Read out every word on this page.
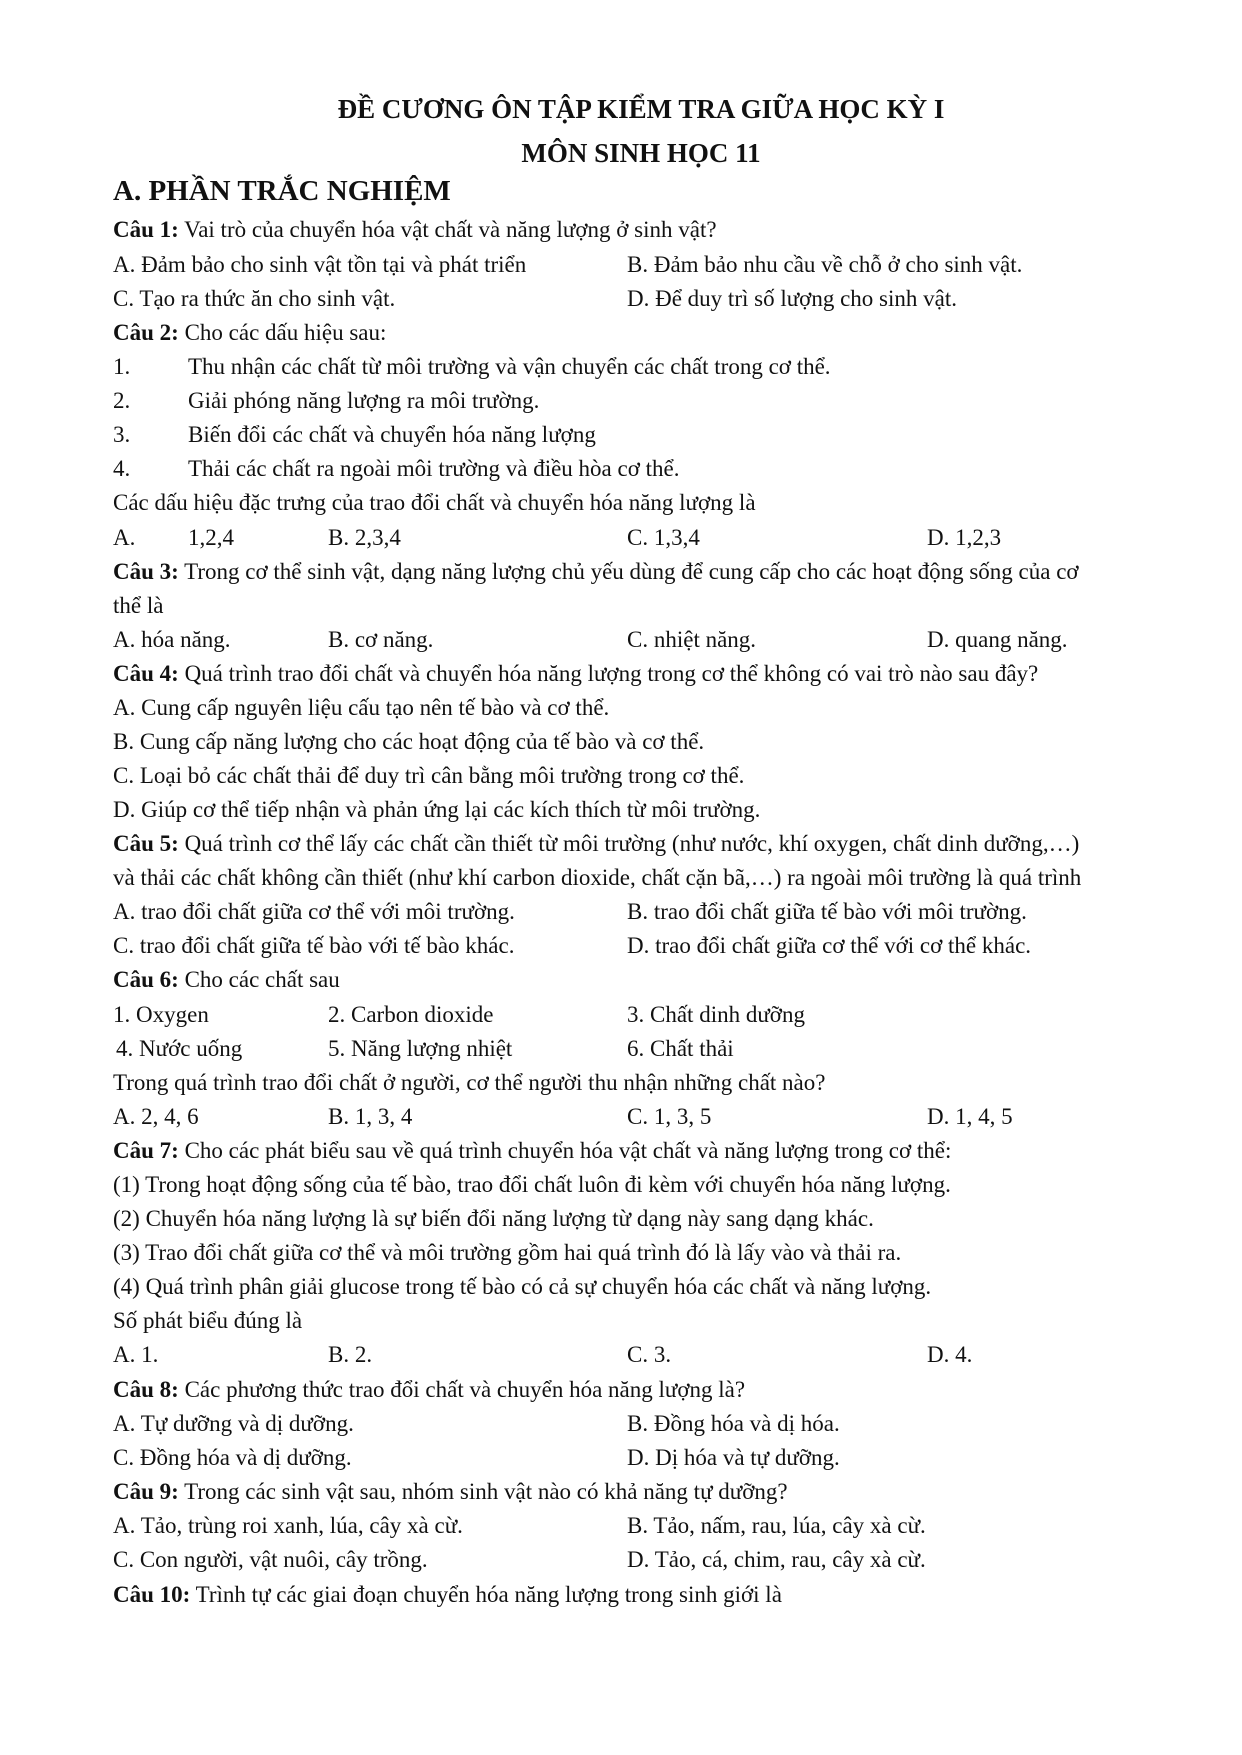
ĐỀ CƯƠNG ÔN TẬP KIỂM TRA GIỮA HỌC KỲ I
MÔN SINH HỌC 11
A. PHẦN TRẮC NGHIỆM
Câu 1: Vai trò của chuyển hóa vật chất và năng lượng ở sinh vật?
A. Đảm bảo cho sinh vật tồn tại và phát triển	B. Đảm bảo nhu cầu về chỗ ở cho sinh vật.
C. Tạo ra thức ăn cho sinh vật.	D. Để duy trì số lượng cho sinh vật.
Câu 2: Cho các dấu hiệu sau:
1.	Thu nhận các chất từ môi trường và vận chuyển các chất trong cơ thể.
2.	Giải phóng năng lượng ra môi trường.
3.	Biến đổi các chất và chuyển hóa năng lượng
4.	Thải các chất ra ngoài môi trường và điều hòa cơ thể.
Các dấu hiệu đặc trưng của trao đổi chất và chuyển hóa năng lượng là
A. 1,2,4	B. 2,3,4	C. 1,3,4	D. 1,2,3
Câu 3: Trong cơ thể sinh vật, dạng năng lượng chủ yếu dùng để cung cấp cho các hoạt động sống của cơ
thể là
A. hóa năng.	B. cơ năng.	C. nhiệt năng.	D. quang năng.
Câu 4: Quá trình trao đổi chất và chuyển hóa năng lượng trong cơ thể không có vai trò nào sau đây?
A. Cung cấp nguyên liệu cấu tạo nên tế bào và cơ thể.
B. Cung cấp năng lượng cho các hoạt động của tế bào và cơ thể.
C. Loại bỏ các chất thải để duy trì cân bằng môi trường trong cơ thể.
D. Giúp cơ thể tiếp nhận và phản ứng lại các kích thích từ môi trường.
Câu 5: Quá trình cơ thể lấy các chất cần thiết từ môi trường (như nước, khí oxygen, chất dinh dưỡng,…)
và thải các chất không cần thiết (như khí carbon dioxide, chất cặn bã,…) ra ngoài môi trường là quá trình
A. trao đổi chất giữa cơ thể với môi trường.	B. trao đổi chất giữa tế bào với môi trường.
C. trao đổi chất giữa tế bào với tế bào khác.	D. trao đổi chất giữa cơ thể với cơ thể khác.
Câu 6: Cho các chất sau
1. Oxygen	2. Carbon dioxide	3. Chất dinh dưỡng
4. Nước uống	5. Năng lượng nhiệt	6. Chất thải
Trong quá trình trao đổi chất ở người, cơ thể người thu nhận những chất nào?
A. 2, 4, 6	B. 1, 3, 4	C. 1, 3, 5	D. 1, 4, 5
Câu 7: Cho các phát biểu sau về quá trình chuyển hóa vật chất và năng lượng trong cơ thể:
(1) Trong hoạt động sống của tế bào, trao đổi chất luôn đi kèm với chuyển hóa năng lượng.
(2) Chuyển hóa năng lượng là sự biến đổi năng lượng từ dạng này sang dạng khác.
(3) Trao đổi chất giữa cơ thể và môi trường gồm hai quá trình đó là lấy vào và thải ra.
(4) Quá trình phân giải glucose trong tế bào có cả sự chuyển hóa các chất và năng lượng.
Số phát biểu đúng là
A. 1.	B. 2.	C. 3.	D. 4.
Câu 8: Các phương thức trao đổi chất và chuyển hóa năng lượng là?
A. Tự dưỡng và dị dưỡng.	B. Đồng hóa và dị hóa.
C. Đồng hóa và dị dưỡng.	D. Dị hóa và tự dưỡng.
Câu 9: Trong các sinh vật sau, nhóm sinh vật nào có khả năng tự dưỡng?
A. Tảo, trùng roi xanh, lúa, cây xà cừ.	B. Tảo, nấm, rau, lúa, cây xà cừ.
C. Con người, vật nuôi, cây trồng.	D. Tảo, cá, chim, rau, cây xà cừ.
Câu 10: Trình tự các giai đoạn chuyển hóa năng lượng trong sinh giới là
